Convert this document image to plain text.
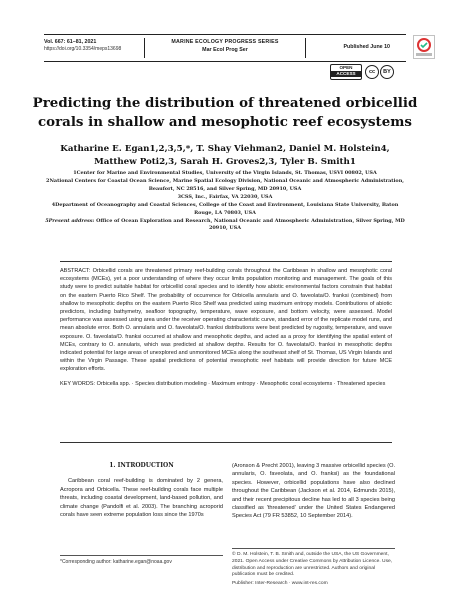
Vol. 667: 61–81, 2021
https://doi.org/10.3354/meps13698
MARINE ECOLOGY PROGRESS SERIES
Mar Ecol Prog Ser	Published June 10
OPEN
ACCESS	cc	BY
Predicting the distribution of threatened orbicellid corals in shallow and mesophotic reef ecosystems
Katharine E. Egan1,2,3,5,*, T. Shay Viehman2, Daniel M. Holstein4, Matthew Poti2,3, Sarah H. Groves2,3, Tyler B. Smith1

1Center for Marine and Environmental Studies, University of the Virgin Islands, St. Thomas, USVI 00802, USA

2National Centers for Coastal Ocean Science, Marine Spatial Ecology Division, National Oceanic and Atmospheric Administration, Beaufort, NC 28516, and Silver Spring, MD 20910, USA

3CSS, Inc., Fairfax, VA 22030, USA

4Department of Oceanography and Coastal Sciences, College of the Coast and Environment, Louisiana State University, Baton Rouge, LA 70803, USA

5Present address: Office of Ocean Exploration and Research, National Oceanic and Atmospheric Administration, Silver Spring, MD 20910, USA

ABSTRACT: Orbicellid corals are threatened primary reef-building corals throughout the Caribbean in shallow and mesophotic coral ecosystems (MCEs), yet a poor understanding of where they occur limits population monitoring and management. The goals of this study were to predict suitable habitat for orbicellid coral species and to identify how abiotic environmental factors constrain that habitat on the eastern Puerto Rico Shelf. The probability of occurrence for Orbicella annularis and O. faveolata/O. franksi (combined) from shallow to mesophotic depths on the eastern Puerto Rico Shelf was predicted using maximum entropy models. Contributions of abiotic predictors, including bathymetry, seafloor topography, temperature, wave exposure, and bottom velocity, were assessed. Model performance was assessed using area under the receiver operating characteristic curve, standard error of the replicate model runs, and mean absolute error. Both O. annularis and O. faveolata/O. franksi distributions were best predicted by rugosity, temperature, and wave exposure. O. faveolata/O. franksi occurred at shallow and mesophotic depths, and acted as a proxy for identifying the spatial extent of MCEs, contrary to O. annularis, which was predicted at shallow depths. Results for O. faveolata/O. franksi in mesophotic depths indicated potential for large areas of unexplored and unmonitored MCEs along the southeast shelf of St. Thomas, US Virgin Islands and within the Virgin Passage. These spatial predictions of potential mesophotic reef habitats will provide direction for future MCE exploration efforts.

KEY WORDS: Orbicella spp. · Species distribution modeling · Maximum entropy · Mesophotic coral ecosystems · Threatened species

1. INTRODUCTION

Caribbean coral reef-building is dominated by 2 genera, Acropora and Orbicella. These reef-building corals face multiple threats, including coastal development, land-based pollution, and climate change (Pandolfi et al. 2003). The branching acroporid corals have seen extreme population loss since the 1970s

(Aronson & Precht 2001), leaving 3 massive orbicellid species (O. annularis, O. faveolata, and O. franksi) as the foundational species. However, orbicellid populations have also declined throughout the Caribbean (Jackson et al. 2014, Edmunds 2015), and their recent precipitous decline has led to all 3 species being classified as 'threatened' under the United States Endangered Species Act (79 FR 53852, 10 September 2014).

*Corresponding author: katharine.egan@noaa.gov

© D. M. Holstein, T. B. Smith and, outside the USA, the US Government, 2021. Open Access under Creative Commons by Attribution Licence. Use, distribution and reproduction are unrestricted. Authors and original publication must be credited.

Publisher: Inter-Research · www.int-res.com
